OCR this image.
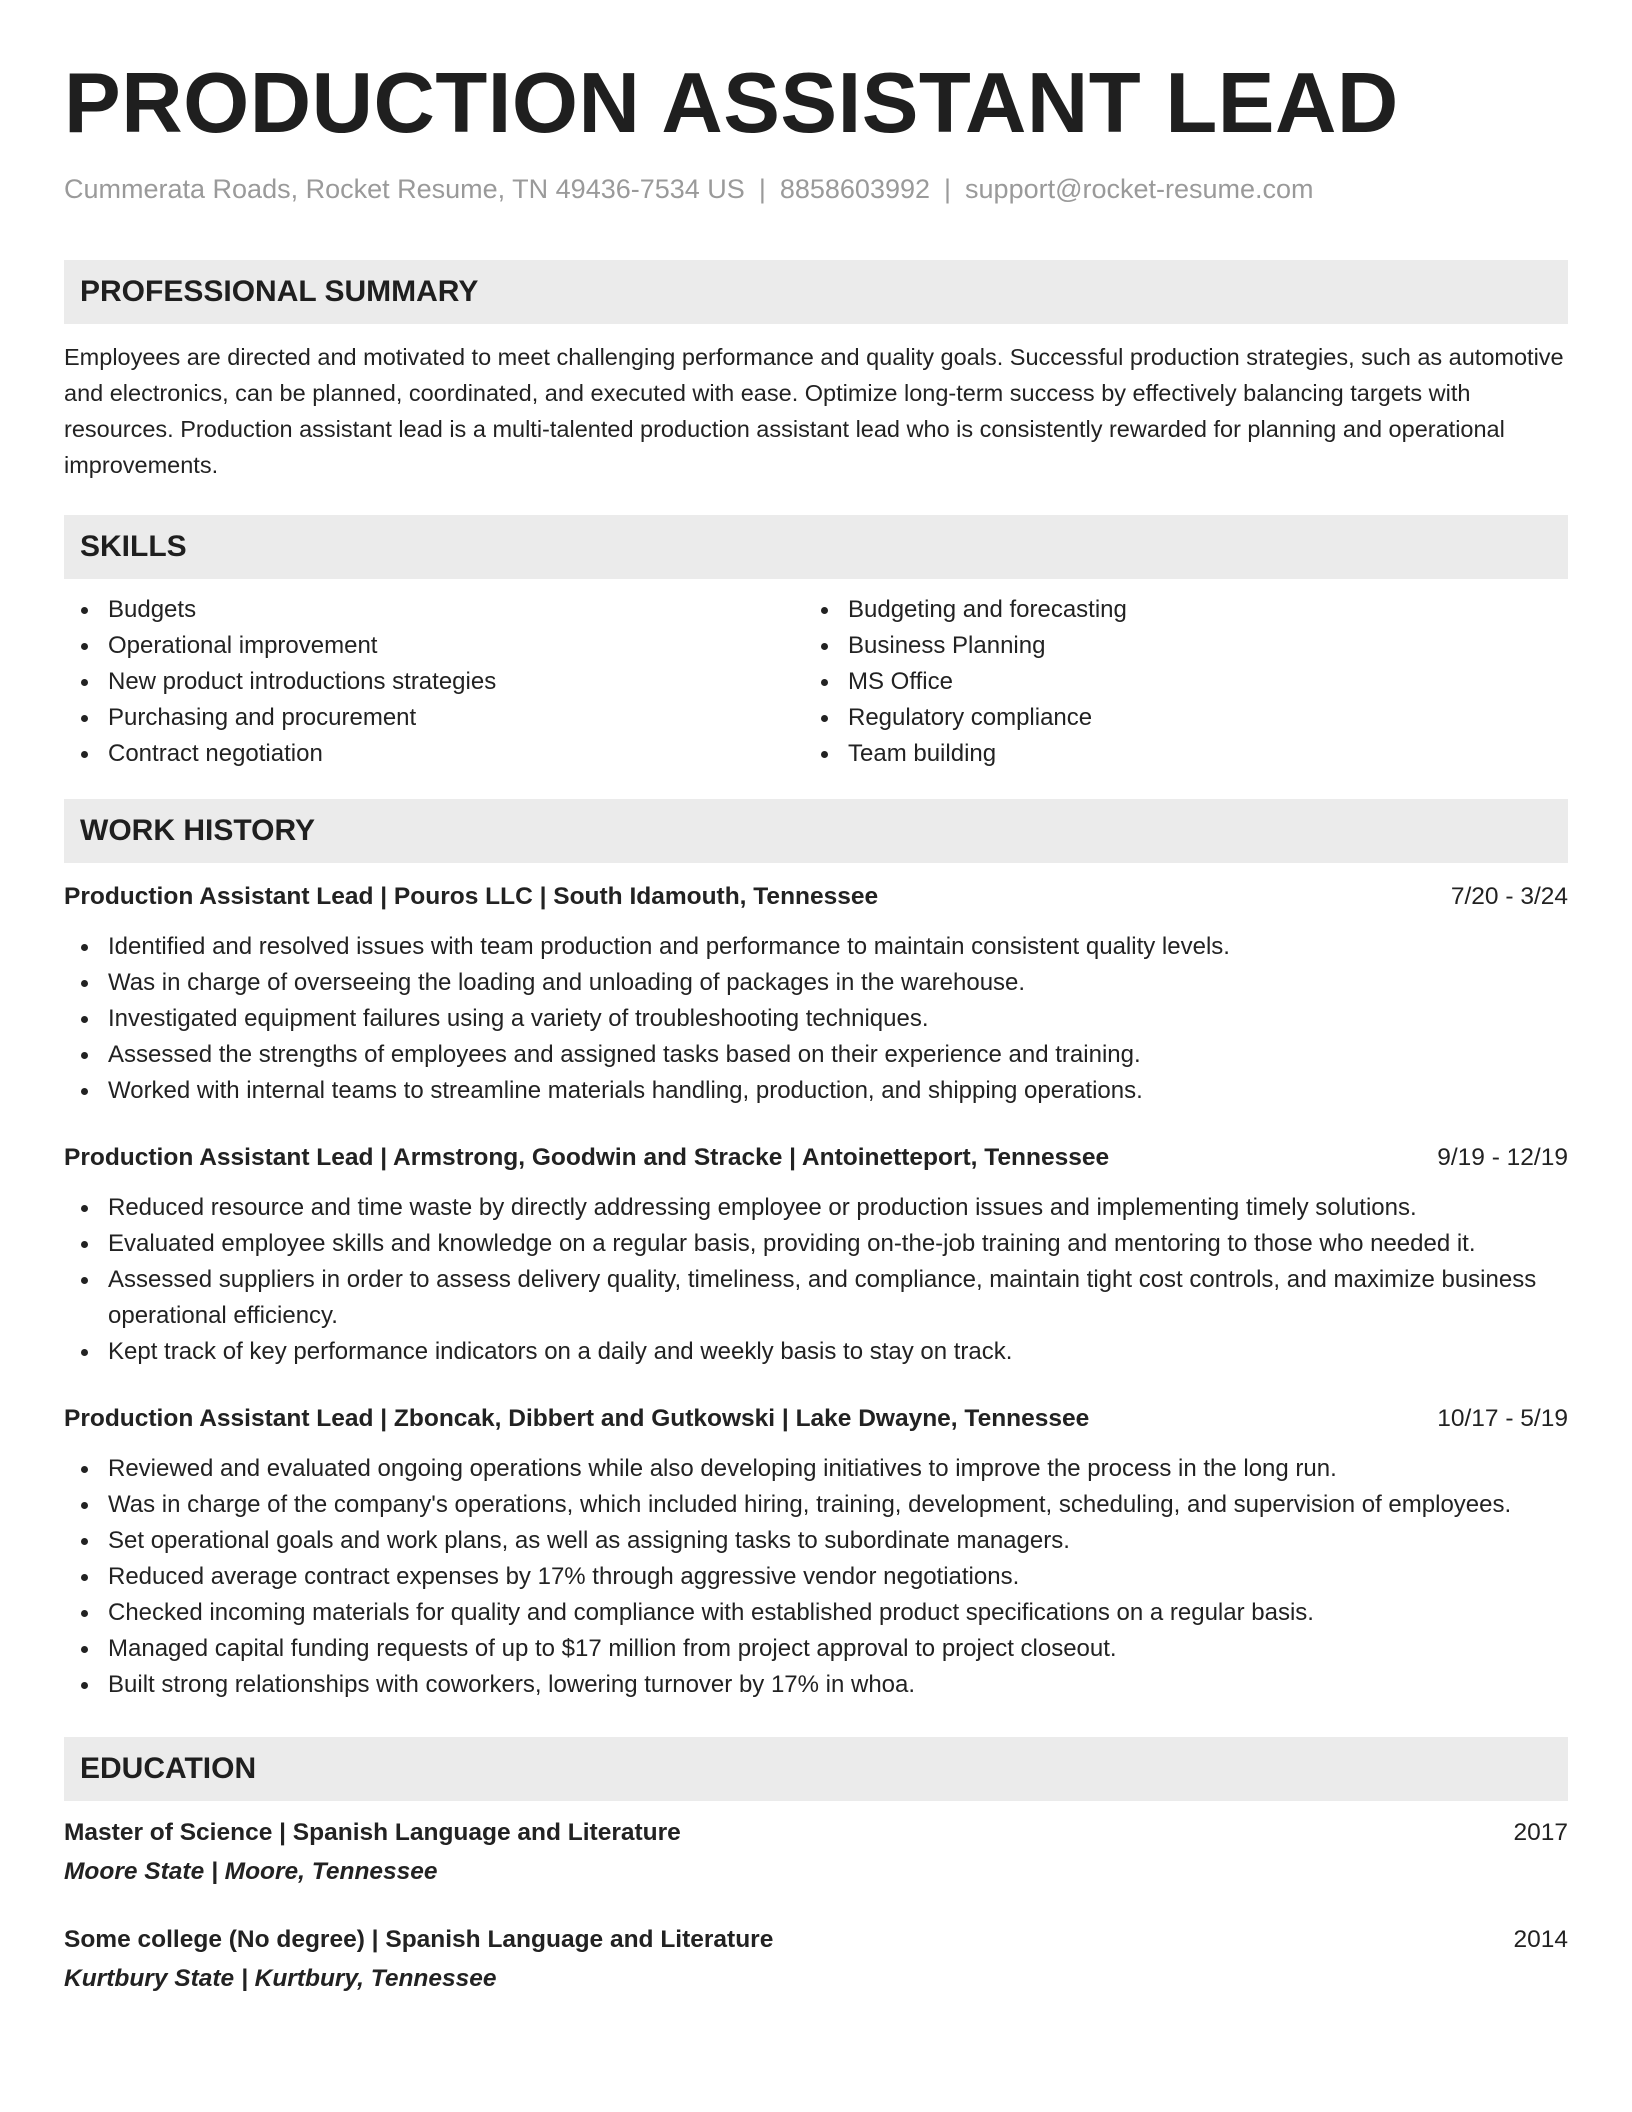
PRODUCTION ASSISTANT LEAD
Cummerata Roads, Rocket Resume, TN 49436-7534 US | 8858603992 | support@rocket-resume.com
PROFESSIONAL SUMMARY

Employees are directed and motivated to meet challenging performance and quality goals. Successful production strategies, such as automotive and electronics, can be planned, coordinated, and executed with ease. Optimize long-term success by effectively balancing targets with resources. Production assistant lead is a multi-talented production assistant lead who is consistently rewarded for planning and operational improvements.

SKILLS
Budgets
Operational improvement
New product introductions strategies
Purchasing and procurement
Contract negotiation
Budgeting and forecasting
Business Planning
MS Office
Regulatory compliance
Team building
WORK HISTORY
Production Assistant Lead | Pouros LLC | South Idamouth, Tennessee	7/20 - 3/24
Identified and resolved issues with team production and performance to maintain consistent quality levels.
Was in charge of overseeing the loading and unloading of packages in the warehouse.
Investigated equipment failures using a variety of troubleshooting techniques.
Assessed the strengths of employees and assigned tasks based on their experience and training.
Worked with internal teams to streamline materials handling, production, and shipping operations.
Production Assistant Lead | Armstrong, Goodwin and Stracke | Antoinetteport, Tennessee	9/19 - 12/19
Reduced resource and time waste by directly addressing employee or production issues and implementing timely solutions.
Evaluated employee skills and knowledge on a regular basis, providing on-the-job training and mentoring to those who needed it.
Assessed suppliers in order to assess delivery quality, timeliness, and compliance, maintain tight cost controls, and maximize business operational efficiency.
Kept track of key performance indicators on a daily and weekly basis to stay on track.
Production Assistant Lead | Zboncak, Dibbert and Gutkowski | Lake Dwayne, Tennessee	10/17 - 5/19
Reviewed and evaluated ongoing operations while also developing initiatives to improve the process in the long run.
Was in charge of the company's operations, which included hiring, training, development, scheduling, and supervision of employees.
Set operational goals and work plans, as well as assigning tasks to subordinate managers.
Reduced average contract expenses by 17% through aggressive vendor negotiations.
Checked incoming materials for quality and compliance with established product specifications on a regular basis.
Managed capital funding requests of up to $17 million from project approval to project closeout.
Built strong relationships with coworkers, lowering turnover by 17% in whoa.
EDUCATION
Master of Science | Spanish Language and Literature	2017
Moore State | Moore, Tennessee
Some college (No degree) | Spanish Language and Literature	2014
Kurtbury State | Kurtbury, Tennessee
